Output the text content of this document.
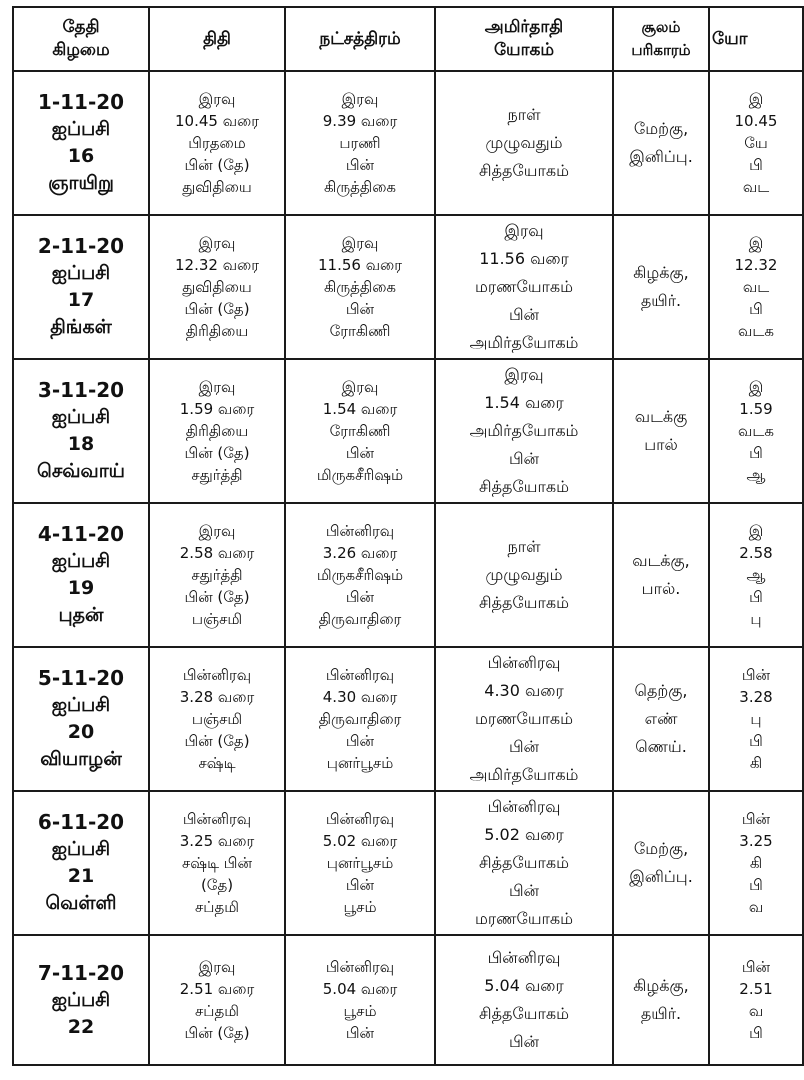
தேதி
கிழமை	திதி	நட்சத்திரம்	அமிர்தாதி
யோகம்	சூலம்
பரிகாரம்	யோ

1-11-20
ஐப்பசி
16
ஞாயிறு	இரவு
10.45 வரை
பிரதமை
பின் (தே)
துவிதியை	இரவு
9.39 வரை
பரணி
பின்
கிருத்திகை	நாள்
முழுவதும்
சித்தயோகம்	மேற்கு,
இனிப்பு.	இ
10.45
யே
பி
வட

2-11-20
ஐப்பசி
17
திங்கள்	இரவு
12.32 வரை
துவிதியை
பின் (தே)
திரிதியை	இரவு
11.56 வரை
கிருத்திகை
பின்
ரோகிணி	இரவு
11.56 வரை
மரணயோகம்
பின்
அமிர்தயோகம்	கிழக்கு,
தயிர்.	இ
12.32
வட
பி
வடக

3-11-20
ஐப்பசி
18
செவ்வாய்	இரவு
1.59 வரை
திரிதியை
பின் (தே)
சதுர்த்தி	இரவு
1.54 வரை
ரோகிணி
பின்
மிருகசீரிஷம்	இரவு
1.54 வரை
அமிர்தயோகம்
பின்
சித்தயோகம்	வடக்கு
பால்	இ
1.59
வடக
பி
ஆ

4-11-20
ஐப்பசி
19
புதன்	இரவு
2.58 வரை
சதுர்த்தி
பின் (தே)
பஞ்சமி	பின்னிரவு
3.26 வரை
மிருகசீரிஷம்
பின்
திருவாதிரை	நாள்
முழுவதும்
சித்தயோகம்	வடக்கு,
பால்.	இ
2.58
ஆ
பி
பு

5-11-20
ஐப்பசி
20
வியாழன்	பின்னிரவு
3.28 வரை
பஞ்சமி
பின் (தே)
சஷ்டி	பின்னிரவு
4.30 வரை
திருவாதிரை
பின்
புனர்பூசம்	பின்னிரவு
4.30 வரை
மரணயோகம்
பின்
அமிர்தயோகம்	தெற்கு,
எண்
ணெய்.	பின்
3.28
பு
பி
கி

6-11-20
ஐப்பசி
21
வெள்ளி	பின்னிரவு
3.25 வரை
சஷ்டி பின்
(தே)
சப்தமி	பின்னிரவு
5.02 வரை
புனர்பூசம்
பின்
பூசம்	பின்னிரவு
5.02 வரை
சித்தயோகம்
பின்
மரணயோகம்	மேற்கு,
இனிப்பு.	பின்
3.25
கி
பி
வ

7-11-20
ஐப்பசி
22	இரவு
2.51 வரை
சப்தமி
பின் (தே)	பின்னிரவு
5.04 வரை
பூசம்
பின்	பின்னிரவு
5.04 வரை
சித்தயோகம்
பின்	கிழக்கு,
தயிர்.	பின்
2.51
வ
பி
